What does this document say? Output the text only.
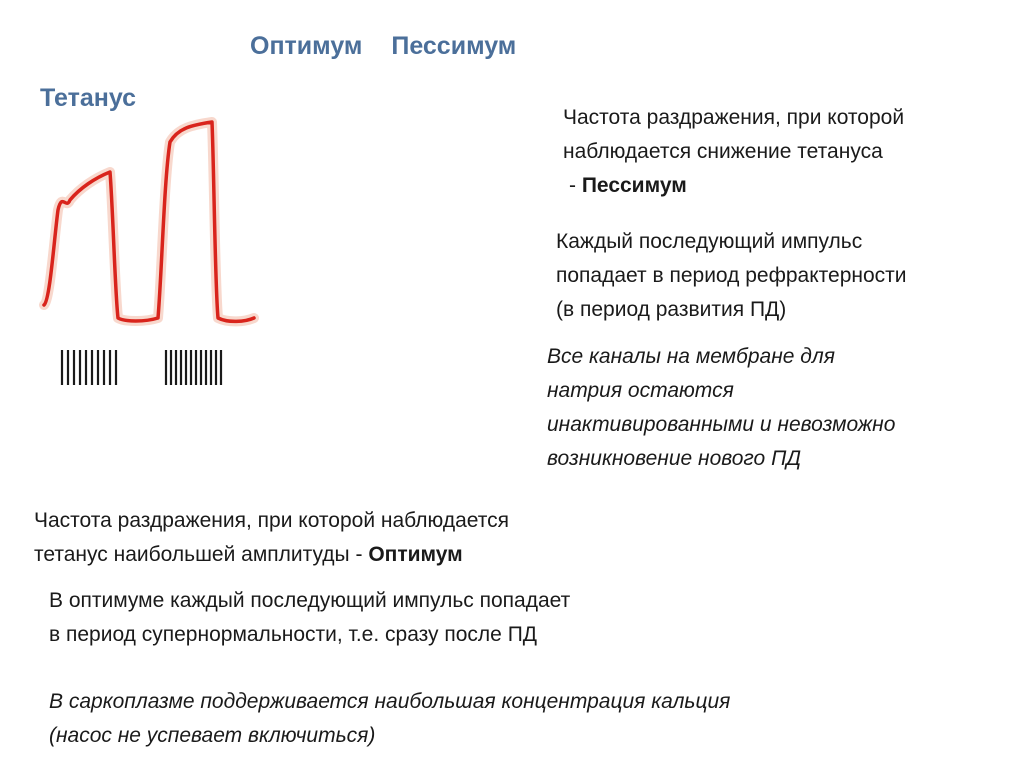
Оптимум Пессимум
Тетанус
Частота раздражения, при которой
наблюдается снижение тетануса
- Пессимум
Каждый последующий импульс
попадает в период рефрактерности
(в период развития ПД)
Все каналы на мембране для
натрия остаются
инактивированными и невозможно
возникновение нового ПД
Частота раздражения, при которой наблюдается
тетанус наибольшей амплитуды - Оптимум
В оптимуме каждый последующий импульс попадает
в период супернормальности, т.е. сразу после ПД
В саркоплазме поддерживается наибольшая концентрация кальция
(насос не успевает включиться)
